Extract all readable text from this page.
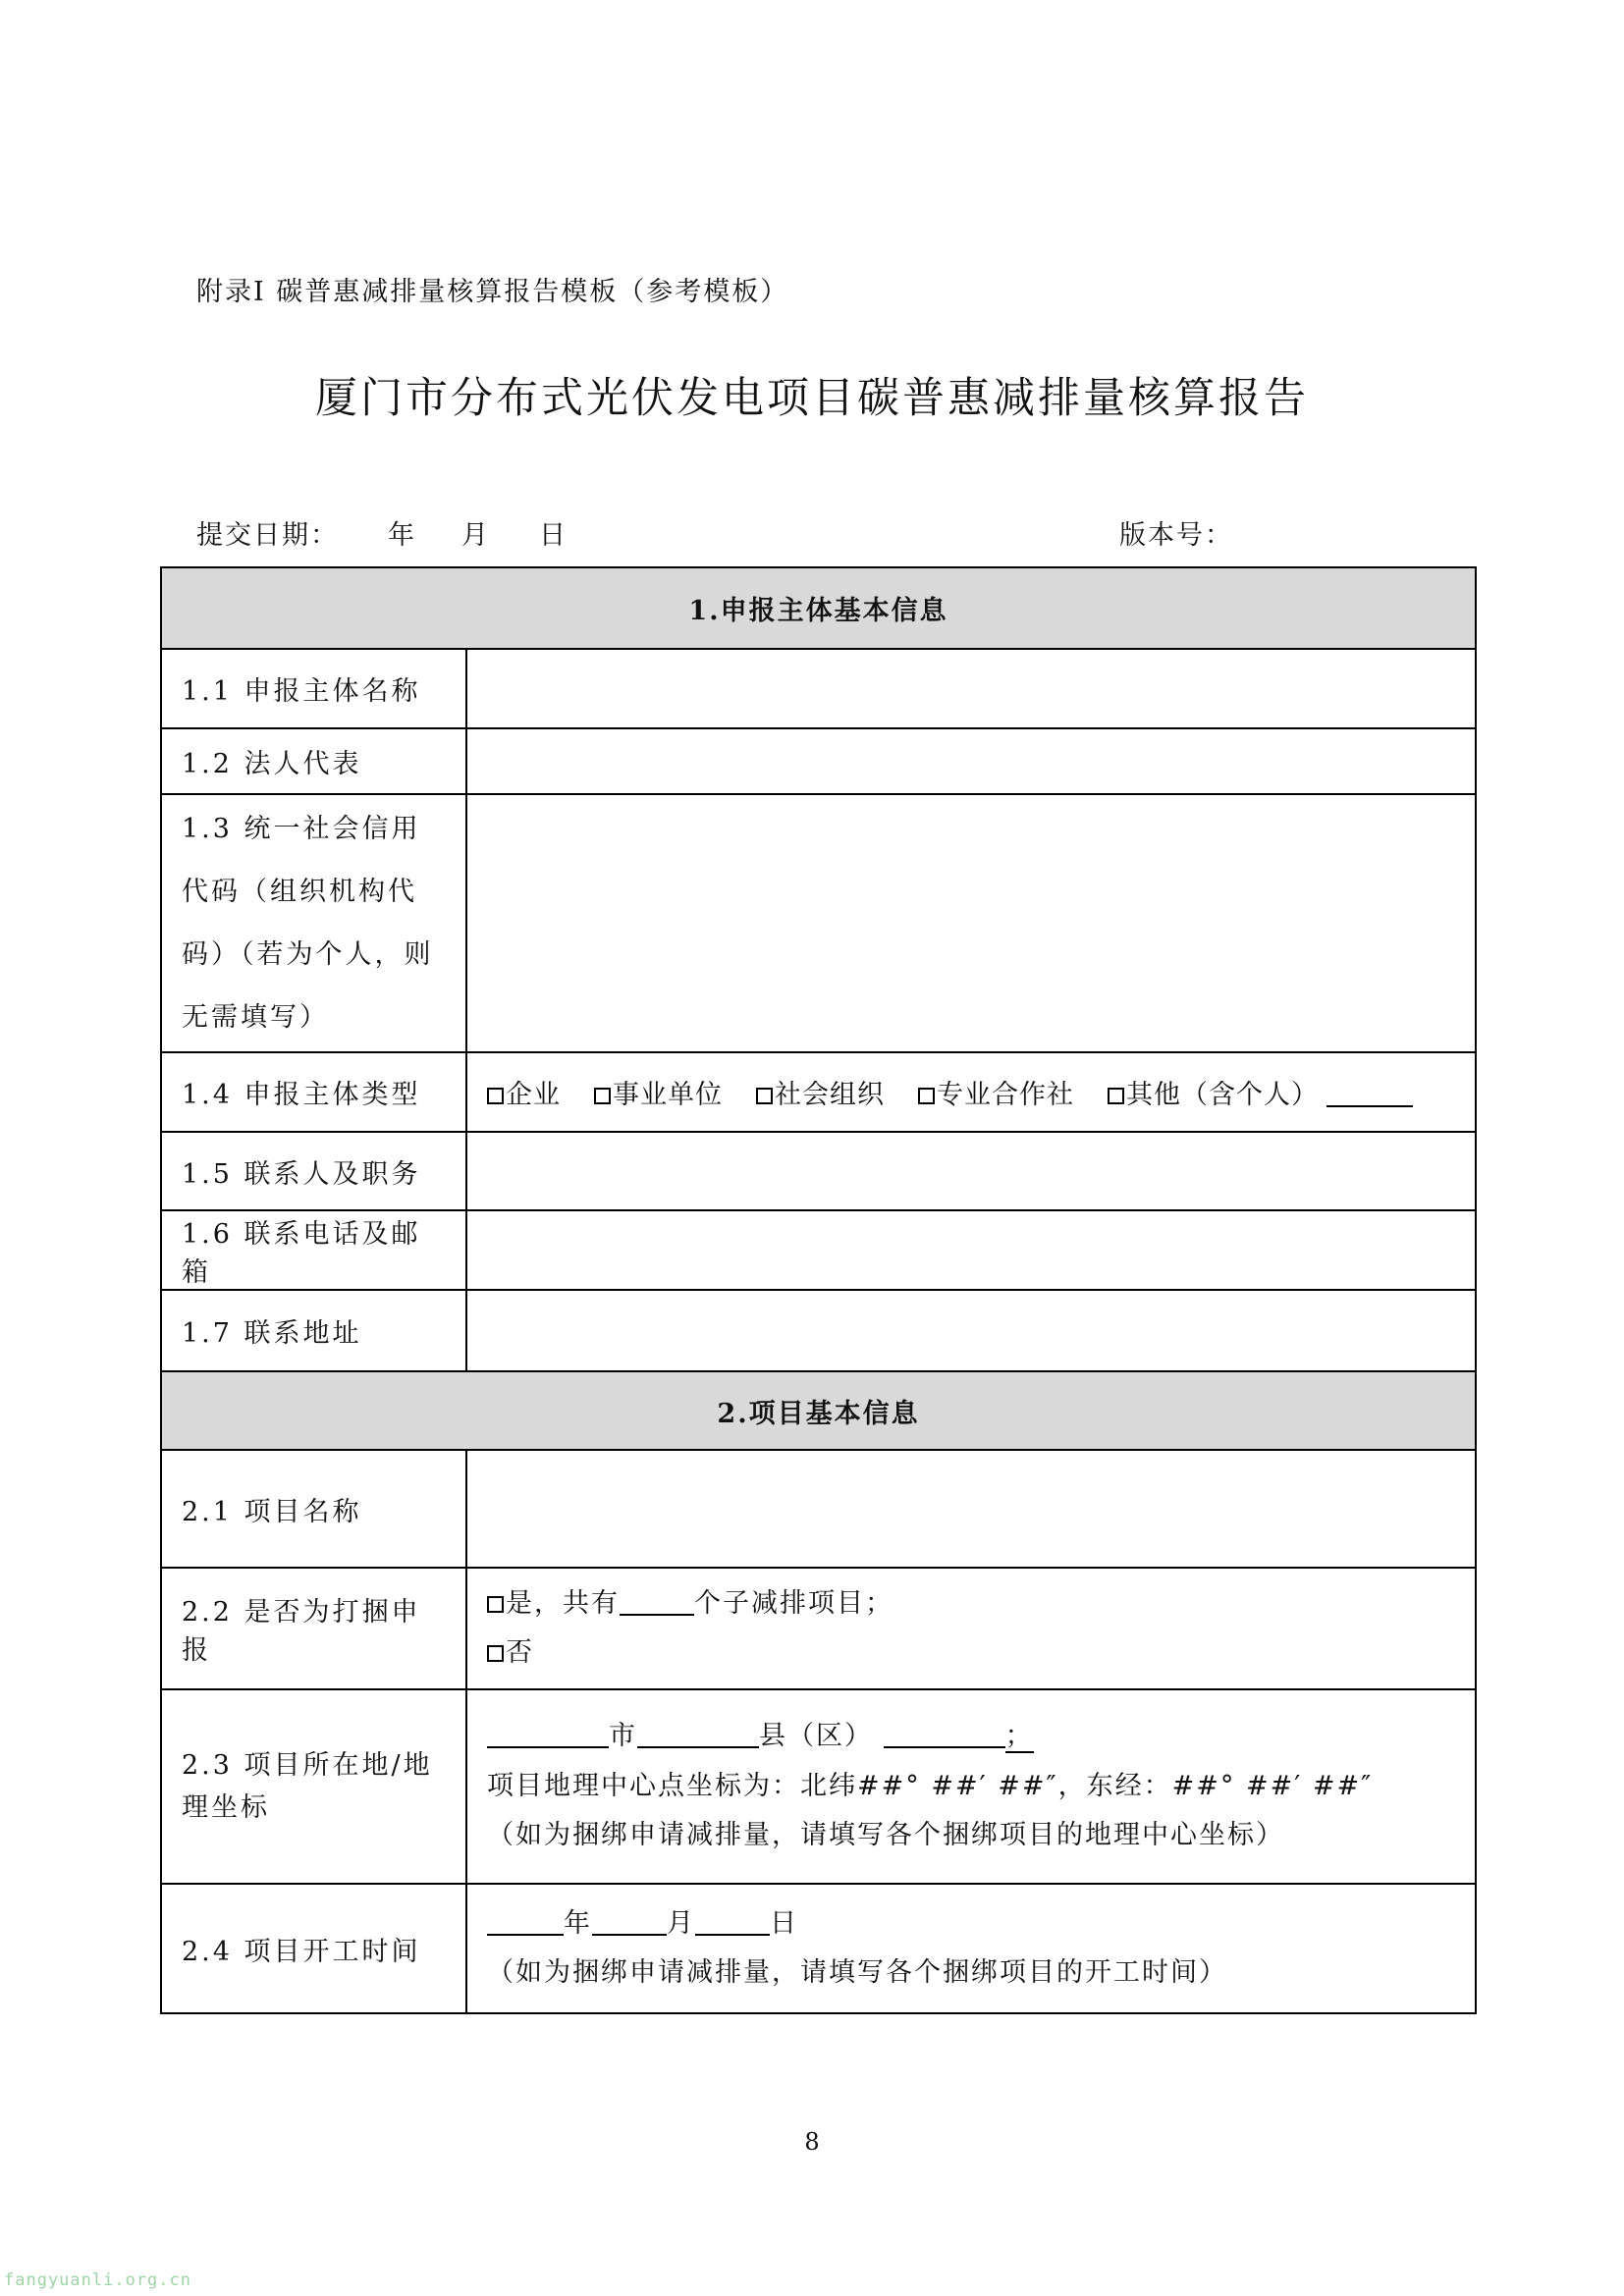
附录Ⅰ 碳普惠减排量核算报告模板（参考模板）
厦门市分布式光伏发电项目碳普惠减排量核算报告
提交日期： 年 月 日	版本号：
1.申报主体基本信息	
1.1 申报主体名称	
1.2 法人代表	
1.3 统一社会信用代码（组织机构代码）（若为个人，则无需填写）	
1.4 申报主体类型	企业 事业单位 社会组织 专业合作社 其他（含个人）
1.5 联系人及职务	
1.6 联系电话及邮箱	
1.7 联系地址	
2.项目基本信息	
2.1 项目名称	
2.2 是否为打捆申报	是，共有 个子减排项目；
否

2.3 项目所在地/地理坐标	市 县（区） ；
项目地理中心点坐标为：北纬##° ##′ ##″，东经：##° ##′ ##″
（如为捆绑申请减排量，请填写各个捆绑项目的地理中心坐标）

2.4 项目开工时间	年 月 日
（如为捆绑申请减排量，请填写各个捆绑项目的开工时间）
8
fangyuanli.org.cn
